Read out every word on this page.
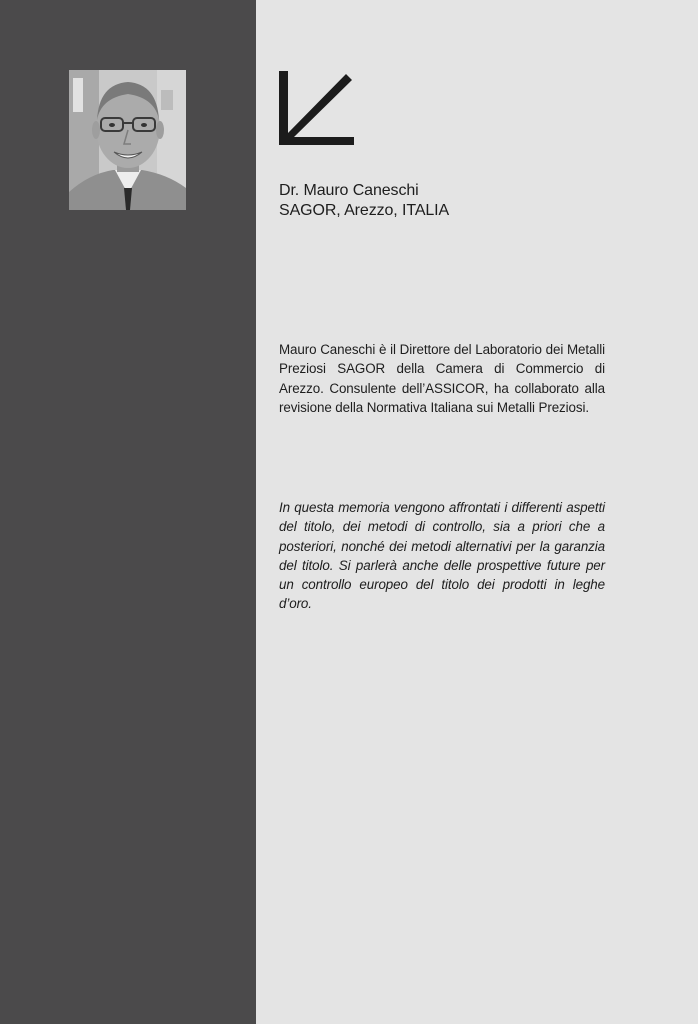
Dr. Mauro Caneschi
SAGOR, Arezzo, ITALIA

Mauro Caneschi è il Direttore del Laboratorio dei Metalli Preziosi SAGOR della Camera di Commercio di Arezzo. Consulente dell’ASSICOR, ha collaborato alla revisione della Normativa Italiana sui Metalli Preziosi.

In questa memoria vengono affrontati i differenti aspetti del titolo, dei metodi di controllo, sia a priori che a posteriori, nonché dei metodi alternativi per la garanzia del titolo. Si parlerà anche delle prospettive future per un controllo europeo del titolo dei prodotti in leghe d’oro.
